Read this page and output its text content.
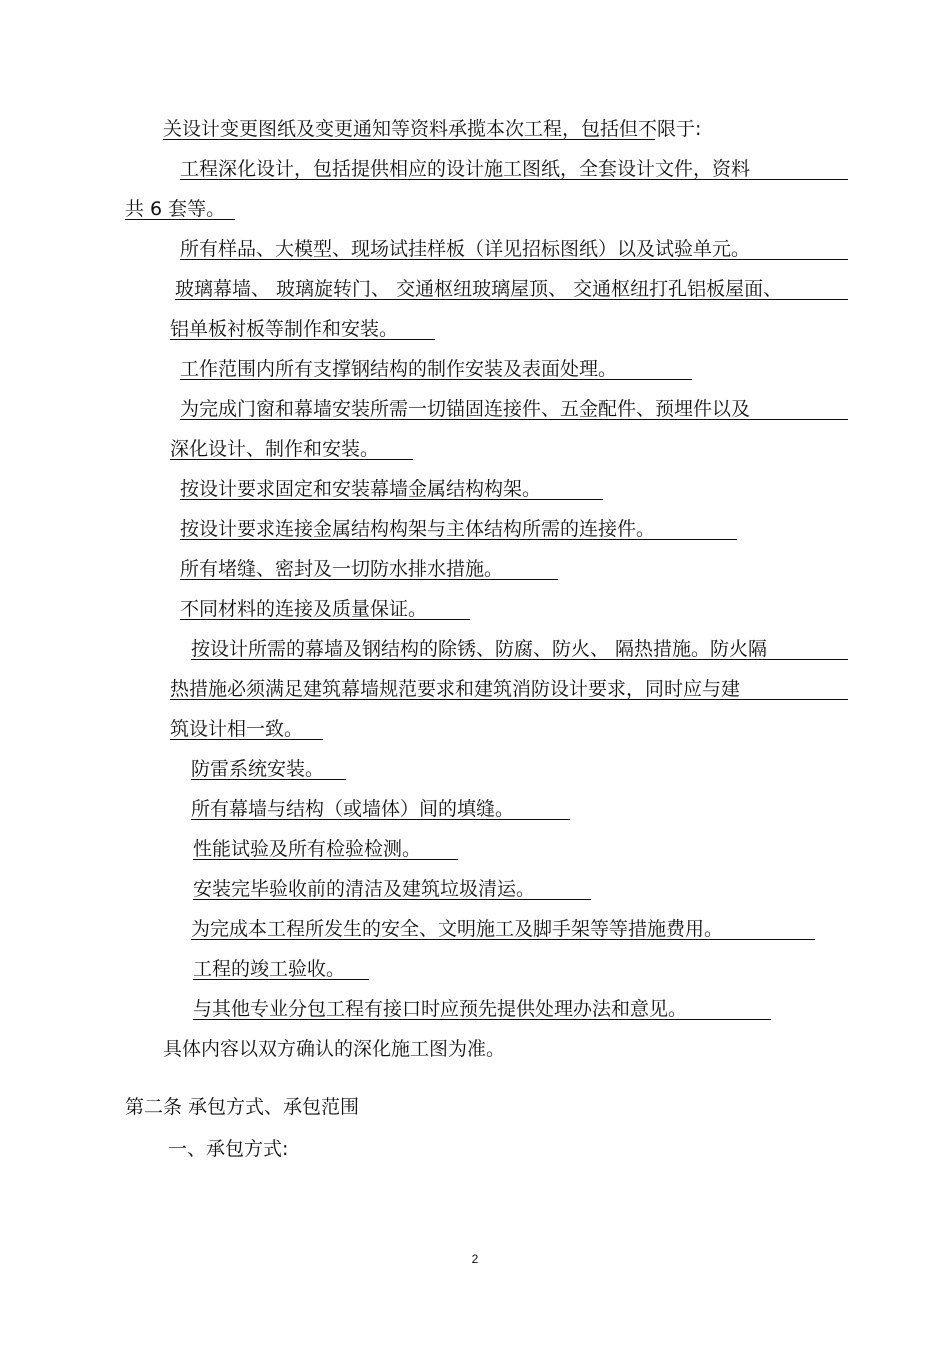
关设计变更图纸及变更通知等资料承揽本次工程，包括但不限于:
工程深化设计，包括提供相应的设计施工图纸，全套设计文件，资料
共 6 套等。
所有样品、大模型、现场试挂样板（详见招标图纸）以及试验单元。
玻璃幕墙、 玻璃旋转门、 交通枢纽玻璃屋顶、 交通枢纽打孔铝板屋面、
铝单板衬板等制作和安装。
工作范围内所有支撑钢结构的制作安装及表面处理。
为完成门窗和幕墙安装所需一切锚固连接件、五金配件、预埋件以及
深化设计、制作和安装。
按设计要求固定和安装幕墙金属结构构架。
按设计要求连接金属结构构架与主体结构所需的连接件。
所有堵缝、密封及一切防水排水措施。
不同材料的连接及质量保证。
按设计所需的幕墙及钢结构的除锈、防腐、防火、 隔热措施。防火隔
热措施必须满足建筑幕墙规范要求和建筑消防设计要求，同时应与建
筑设计相一致。
防雷系统安装。
所有幕墙与结构（或墙体）间的填缝。
性能试验及所有检验检测。
安装完毕验收前的清洁及建筑垃圾清运。
为完成本工程所发生的安全、文明施工及脚手架等等措施费用。
工程的竣工验收。
与其他专业分包工程有接口时应预先提供处理办法和意见。
具体内容以双方确认的深化施工图为准。
第二条 承包方式、承包范围
一、承包方式:
2
